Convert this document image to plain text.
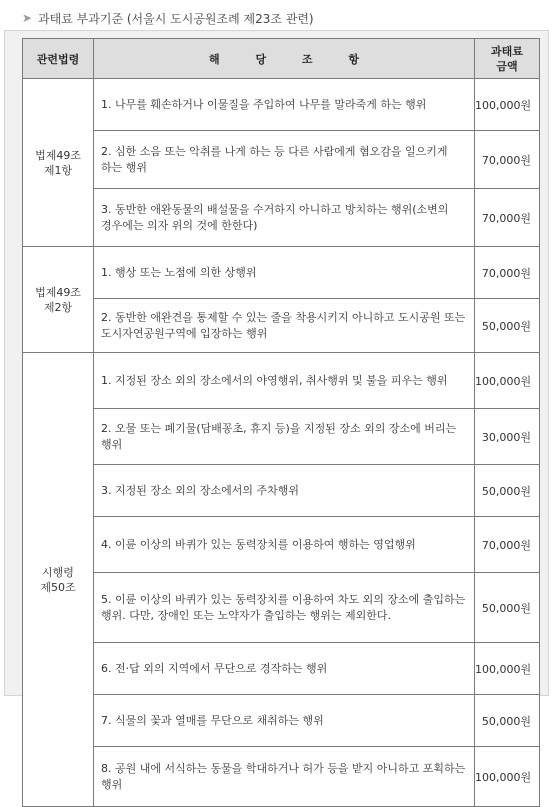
➤ 과태료 부과기준 (서울시 도시공원조례 제23조 관련)
관련법령	해 당 조 항	과태료
금액

법제49조
제1항	1. 나무를 훼손하거나 이물질을 주입하여 나무를 말라죽게 하는 행위	100,000원
	2. 심한 소음 또는 악취를 나게 하는 등 다른 사람에게 혐오감을 일으키게 하는 행위	70,000원
	3. 동반한 애완동물의 배설물을 수거하지 아니하고 방치하는 행위(소변의 경우에는 의자 위의 것에 한한다)	70,000원

법제49조
제2항	1. 행상 또는 노점에 의한 상행위	70,000원
	2. 동반한 애완견을 통제할 수 있는 줄을 착용시키지 아니하고 도시공원 또는 도시자연공원구역에 입장하는 행위	50,000원

시행령
제50조	1. 지정된 장소 외의 장소에서의 야영행위, 취사행위 및 불을 피우는 행위	100,000원
	2. 오물 또는 폐기물(담배꽁초, 휴지 등)을 지정된 장소 외의 장소에 버리는 행위	30,000원
	3. 지정된 장소 외의 장소에서의 주차행위	50,000원
	4. 이륜 이상의 바퀴가 있는 동력장치를 이용하여 행하는 영업행위	70,000원
	5. 이륜 이상의 바퀴가 있는 동력장치를 이용하여 차도 외의 장소에 출입하는 행위. 다만, 장애인 또는 노약자가 출입하는 행위는 제외한다.	50,000원
	6. 전·답 외의 지역에서 무단으로 경작하는 행위	100,000원
	7. 식물의 꽃과 열매를 무단으로 채취하는 행위	50,000원
	8. 공원 내에 서식하는 동물을 학대하거나 허가 등을 받지 아니하고 포획하는 행위	100,000원
